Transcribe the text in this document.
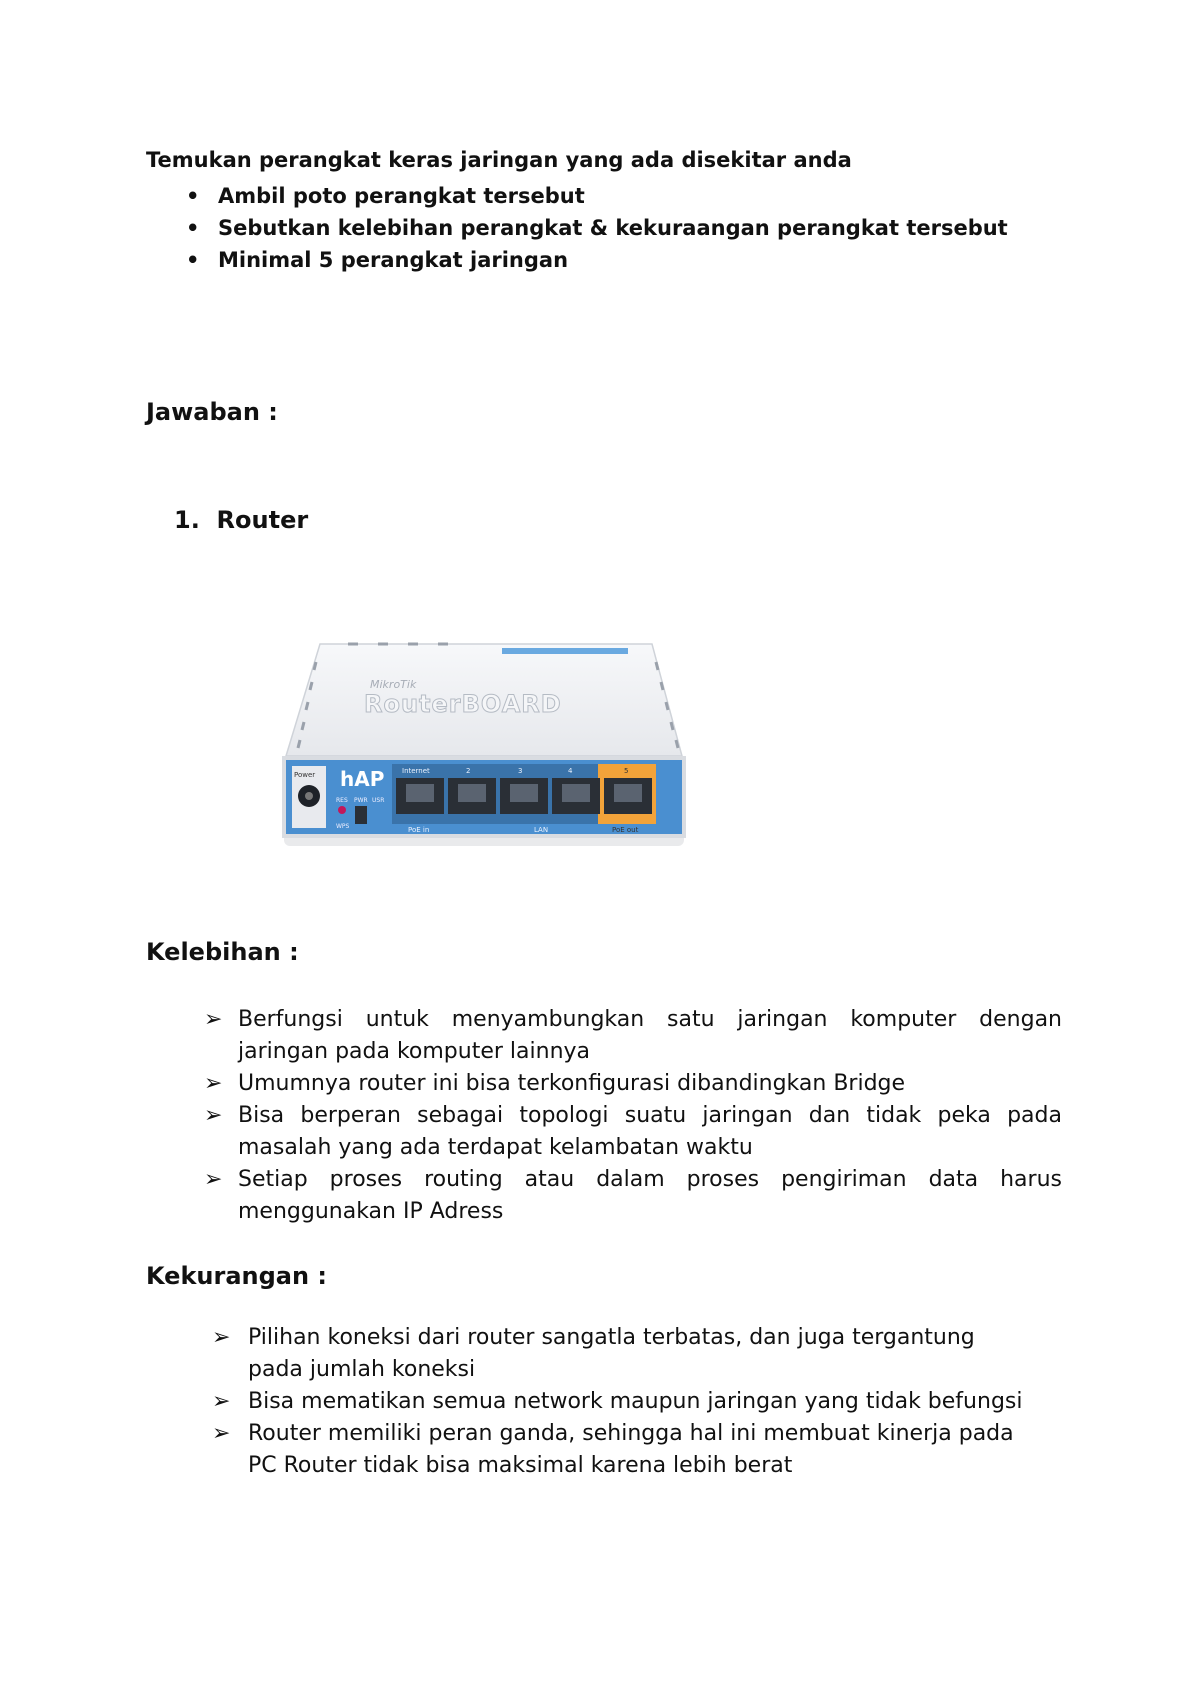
Temukan perangkat keras jaringan yang ada disekitar anda
• Ambil poto perangkat tersebut
• Sebutkan kelebihan perangkat & kekuraangan perangkat tersebut
• Minimal 5 perangkat jaringan
Jawaban :
1. Router
MikroTik
RouterBOARD
Power hAP
RES
WPS
PWR USR
Internet	2	3	4	5
PoE in	LAN	PoE out
Kelebihan :
➢ Berfungsi untuk menyambungkan satu jaringan komputer dengan jaringan pada komputer lainnya
➢ Umumnya router ini bisa terkonfigurasi dibandingkan Bridge
➢ Bisa berperan sebagai topologi suatu jaringan dan tidak peka pada masalah yang ada terdapat kelambatan waktu
➢ Setiap proses routing atau dalam proses pengiriman data harus menggunakan IP Adress
Kekurangan :
➢ Pilihan koneksi dari router sangatla terbatas, dan juga tergantung pada jumlah koneksi
➢ Bisa mematikan semua network maupun jaringan yang tidak befungsi
➢ Router memiliki peran ganda, sehingga hal ini membuat kinerja pada PC Router tidak bisa maksimal karena lebih berat
